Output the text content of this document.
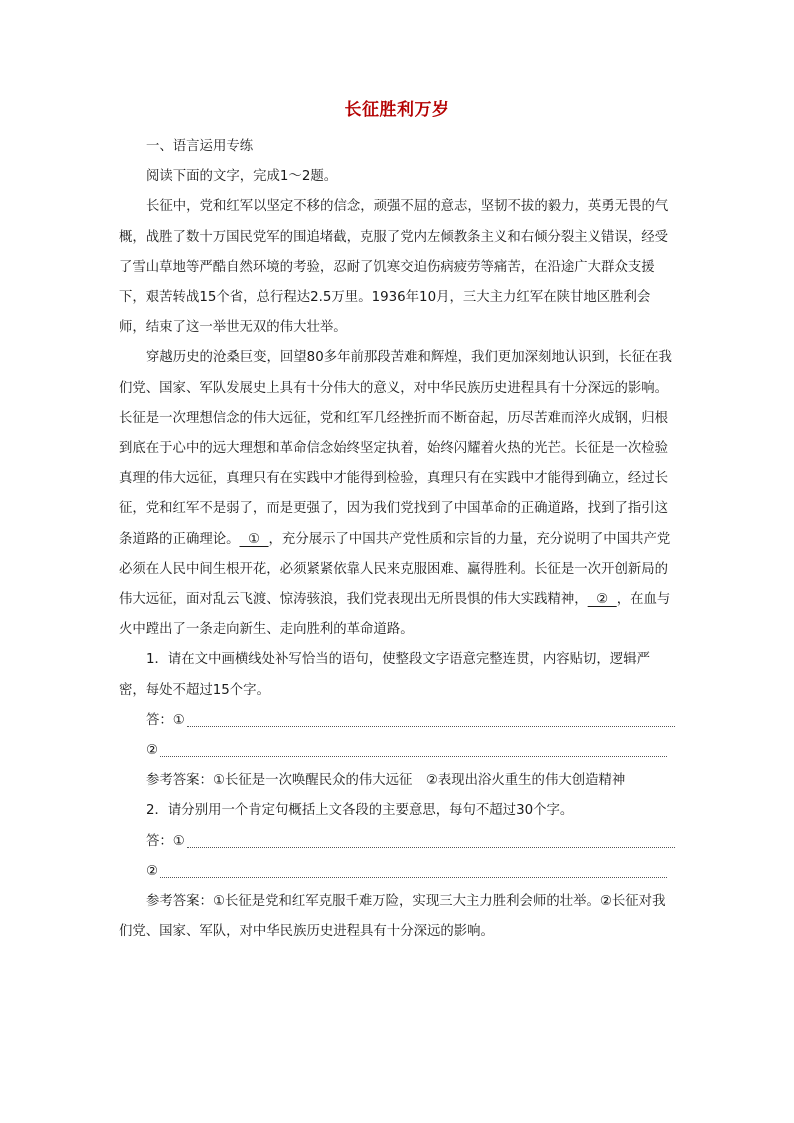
长征胜利万岁

一、语言运用专练

阅读下面的文字，完成1～2题。

长征中，党和红军以坚定不移的信念，顽强不屈的意志，坚韧不拔的毅力，英勇无畏的气概，战胜了数十万国民党军的围追堵截，克服了党内左倾教条主义和右倾分裂主义错误，经受了雪山草地等严酷自然环境的考验，忍耐了饥寒交迫伤病疲劳等痛苦，在沿途广大群众支援下，艰苦转战15个省，总行程达2.5万里。1936年10月，三大主力红军在陕甘地区胜利会师，结束了这一举世无双的伟大壮举。

穿越历史的沧桑巨变，回望80多年前那段苦难和辉煌，我们更加深刻地认识到，长征在我们党、国家、军队发展史上具有十分伟大的意义，对中华民族历史进程具有十分深远的影响。长征是一次理想信念的伟大远征，党和红军几经挫折而不断奋起，历尽苦难而淬火成钢，归根到底在于心中的远大理想和革命信念始终坚定执着，始终闪耀着火热的光芒。长征是一次检验真理的伟大远征，真理只有在实践中才能得到检验，真理只有在实践中才能得到确立，经过长征，党和红军不是弱了，而是更强了，因为我们党找到了中国革命的正确道路，找到了指引这条道路的正确理论。  ①  ，充分展示了中国共产党性质和宗旨的力量，充分说明了中国共产党必须在人民中间生根开花，必须紧紧依靠人民来克服困难、赢得胜利。长征是一次开创新局的伟大远征，面对乱云飞渡、惊涛骇浪，我们党表现出无所畏惧的伟大实践精神，  ②  ，在血与火中蹚出了一条走向新生、走向胜利的革命道路。

1．请在文中画横线处补写恰当的语句，使整段文字语意完整连贯，内容贴切，逻辑严密，每处不超过15个字。

答：①
②

参考答案：①长征是一次唤醒民众的伟大远征　②表现出浴火重生的伟大创造精神

2．请分别用一个肯定句概括上文各段的主要意思，每句不超过30个字。

答：①
②

参考答案：①长征是党和红军克服千难万险，实现三大主力胜利会师的壮举。②长征对我们党、国家、军队，对中华民族历史进程具有十分深远的影响。
